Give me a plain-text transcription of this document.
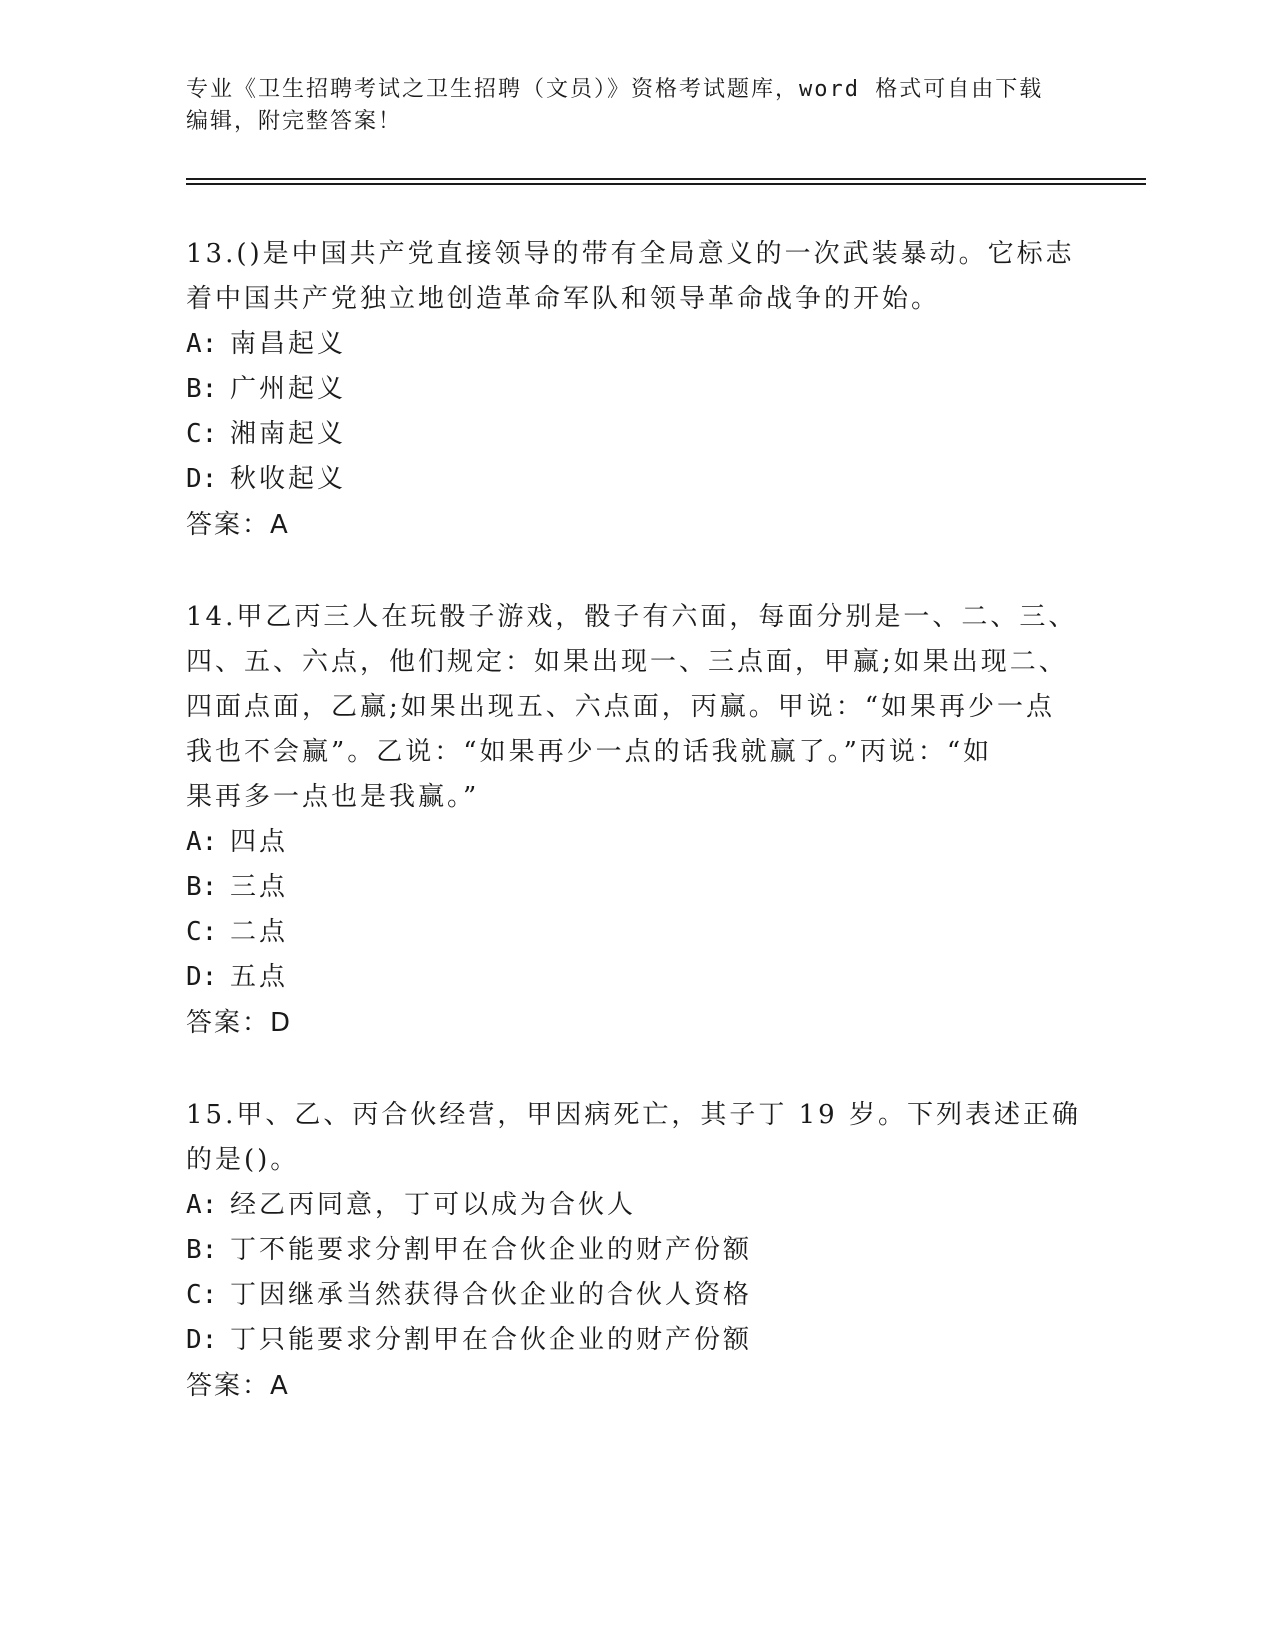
专业《卫生招聘考试之卫生招聘（文员）》资格考试题库，word 格式可自由下载
编辑，附完整答案！
13.()是中国共产党直接领导的带有全局意义的一次武装暴动。它标志
着中国共产党独立地创造革命军队和领导革命战争的开始。
A: 南昌起义
B: 广州起义
C: 湘南起义
D: 秋收起义
答案：A
14.甲乙丙三人在玩骰子游戏，骰子有六面，每面分别是一、二、三、
四、五、六点，他们规定：如果出现一、三点面，甲赢;如果出现二、
四面点面，乙赢;如果出现五、六点面，丙赢。甲说：“如果再少一点
我也不会赢”。乙说：“如果再少一点的话我就赢了。”丙说：“如
果再多一点也是我赢。”
A: 四点
B: 三点
C: 二点
D: 五点
答案：D
15.甲、乙、丙合伙经营，甲因病死亡，其子丁 19 岁。下列表述正确
的是()。
A: 经乙丙同意，丁可以成为合伙人
B: 丁不能要求分割甲在合伙企业的财产份额
C: 丁因继承当然获得合伙企业的合伙人资格
D: 丁只能要求分割甲在合伙企业的财产份额
答案：A
